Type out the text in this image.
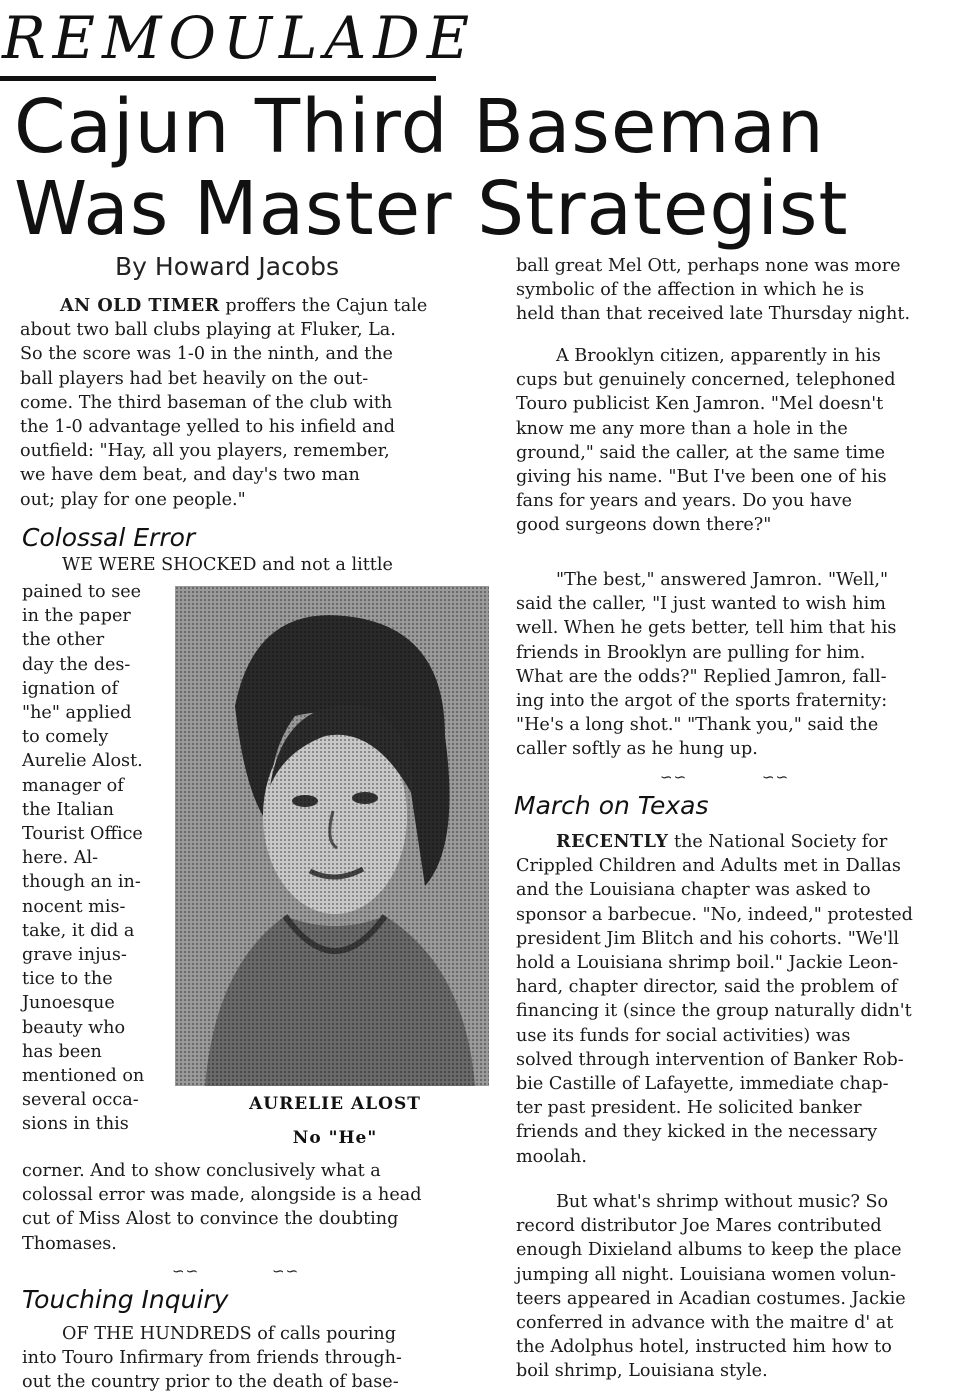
REMOULADE
Cajun Third Baseman
Was Master Strategist
By Howard Jacobs
AN OLD TIMER proffers the Cajun tale
about two ball clubs playing at Fluker, La.
So the score was 1-0 in the ninth, and the
ball players had bet heavily on the out-
come. The third baseman of the club with
the 1-0 advantage yelled to his infield and
outfield: "Hay, all you players, remember,
we have dem beat, and day's two man
out; play for one people."
Colossal Error
WE WERE SHOCKED and not a little
pained to see
in the paper
the other
day the des-
ignation of
"he" applied
to comely
Aurelie Alost.
manager of
the Italian
Tourist Office
here. Al-
though an in-
nocent mis-
take, it did a
grave injus-
tice to the
Junoesque
beauty who
has been
mentioned on
several occa-
sions in this
AURELIE ALOST
No "He"
corner. And to show conclusively what a
colossal error was made, alongside is a head
cut of Miss Alost to convince the doubting
Thomases.
∽∽	∽∽
Touching Inquiry
OF THE HUNDREDS of calls pouring
into Touro Infirmary from friends through-
out the country prior to the death of base-
ball great Mel Ott, perhaps none was more
symbolic of the affection in which he is
held than that received late Thursday night.
A Brooklyn citizen, apparently in his
cups but genuinely concerned, telephoned
Touro publicist Ken Jamron. "Mel doesn't
know me any more than a hole in the
ground," said the caller, at the same time
giving his name. "But I've been one of his
fans for years and years. Do you have
good surgeons down there?"
"The best," answered Jamron. "Well,"
said the caller, "I just wanted to wish him
well. When he gets better, tell him that his
friends in Brooklyn are pulling for him.
What are the odds?" Replied Jamron, fall-
ing into the argot of the sports fraternity:
"He's a long shot." "Thank you," said the
caller softly as he hung up.
∽∽	∽∽
March on Texas
RECENTLY the National Society for
Crippled Children and Adults met in Dallas
and the Louisiana chapter was asked to
sponsor a barbecue. "No, indeed," protested
president Jim Blitch and his cohorts. "We'll
hold a Louisiana shrimp boil." Jackie Leon-
hard, chapter director, said the problem of
financing it (since the group naturally didn't
use its funds for social activities) was
solved through intervention of Banker Rob-
bie Castille of Lafayette, immediate chap-
ter past president. He solicited banker
friends and they kicked in the necessary
moolah.
But what's shrimp without music? So
record distributor Joe Mares contributed
enough Dixieland albums to keep the place
jumping all night. Louisiana women volun-
teers appeared in Acadian costumes. Jackie
conferred in advance with the maitre d' at
the Adolphus hotel, instructed him how to
boil shrimp, Louisiana style.
